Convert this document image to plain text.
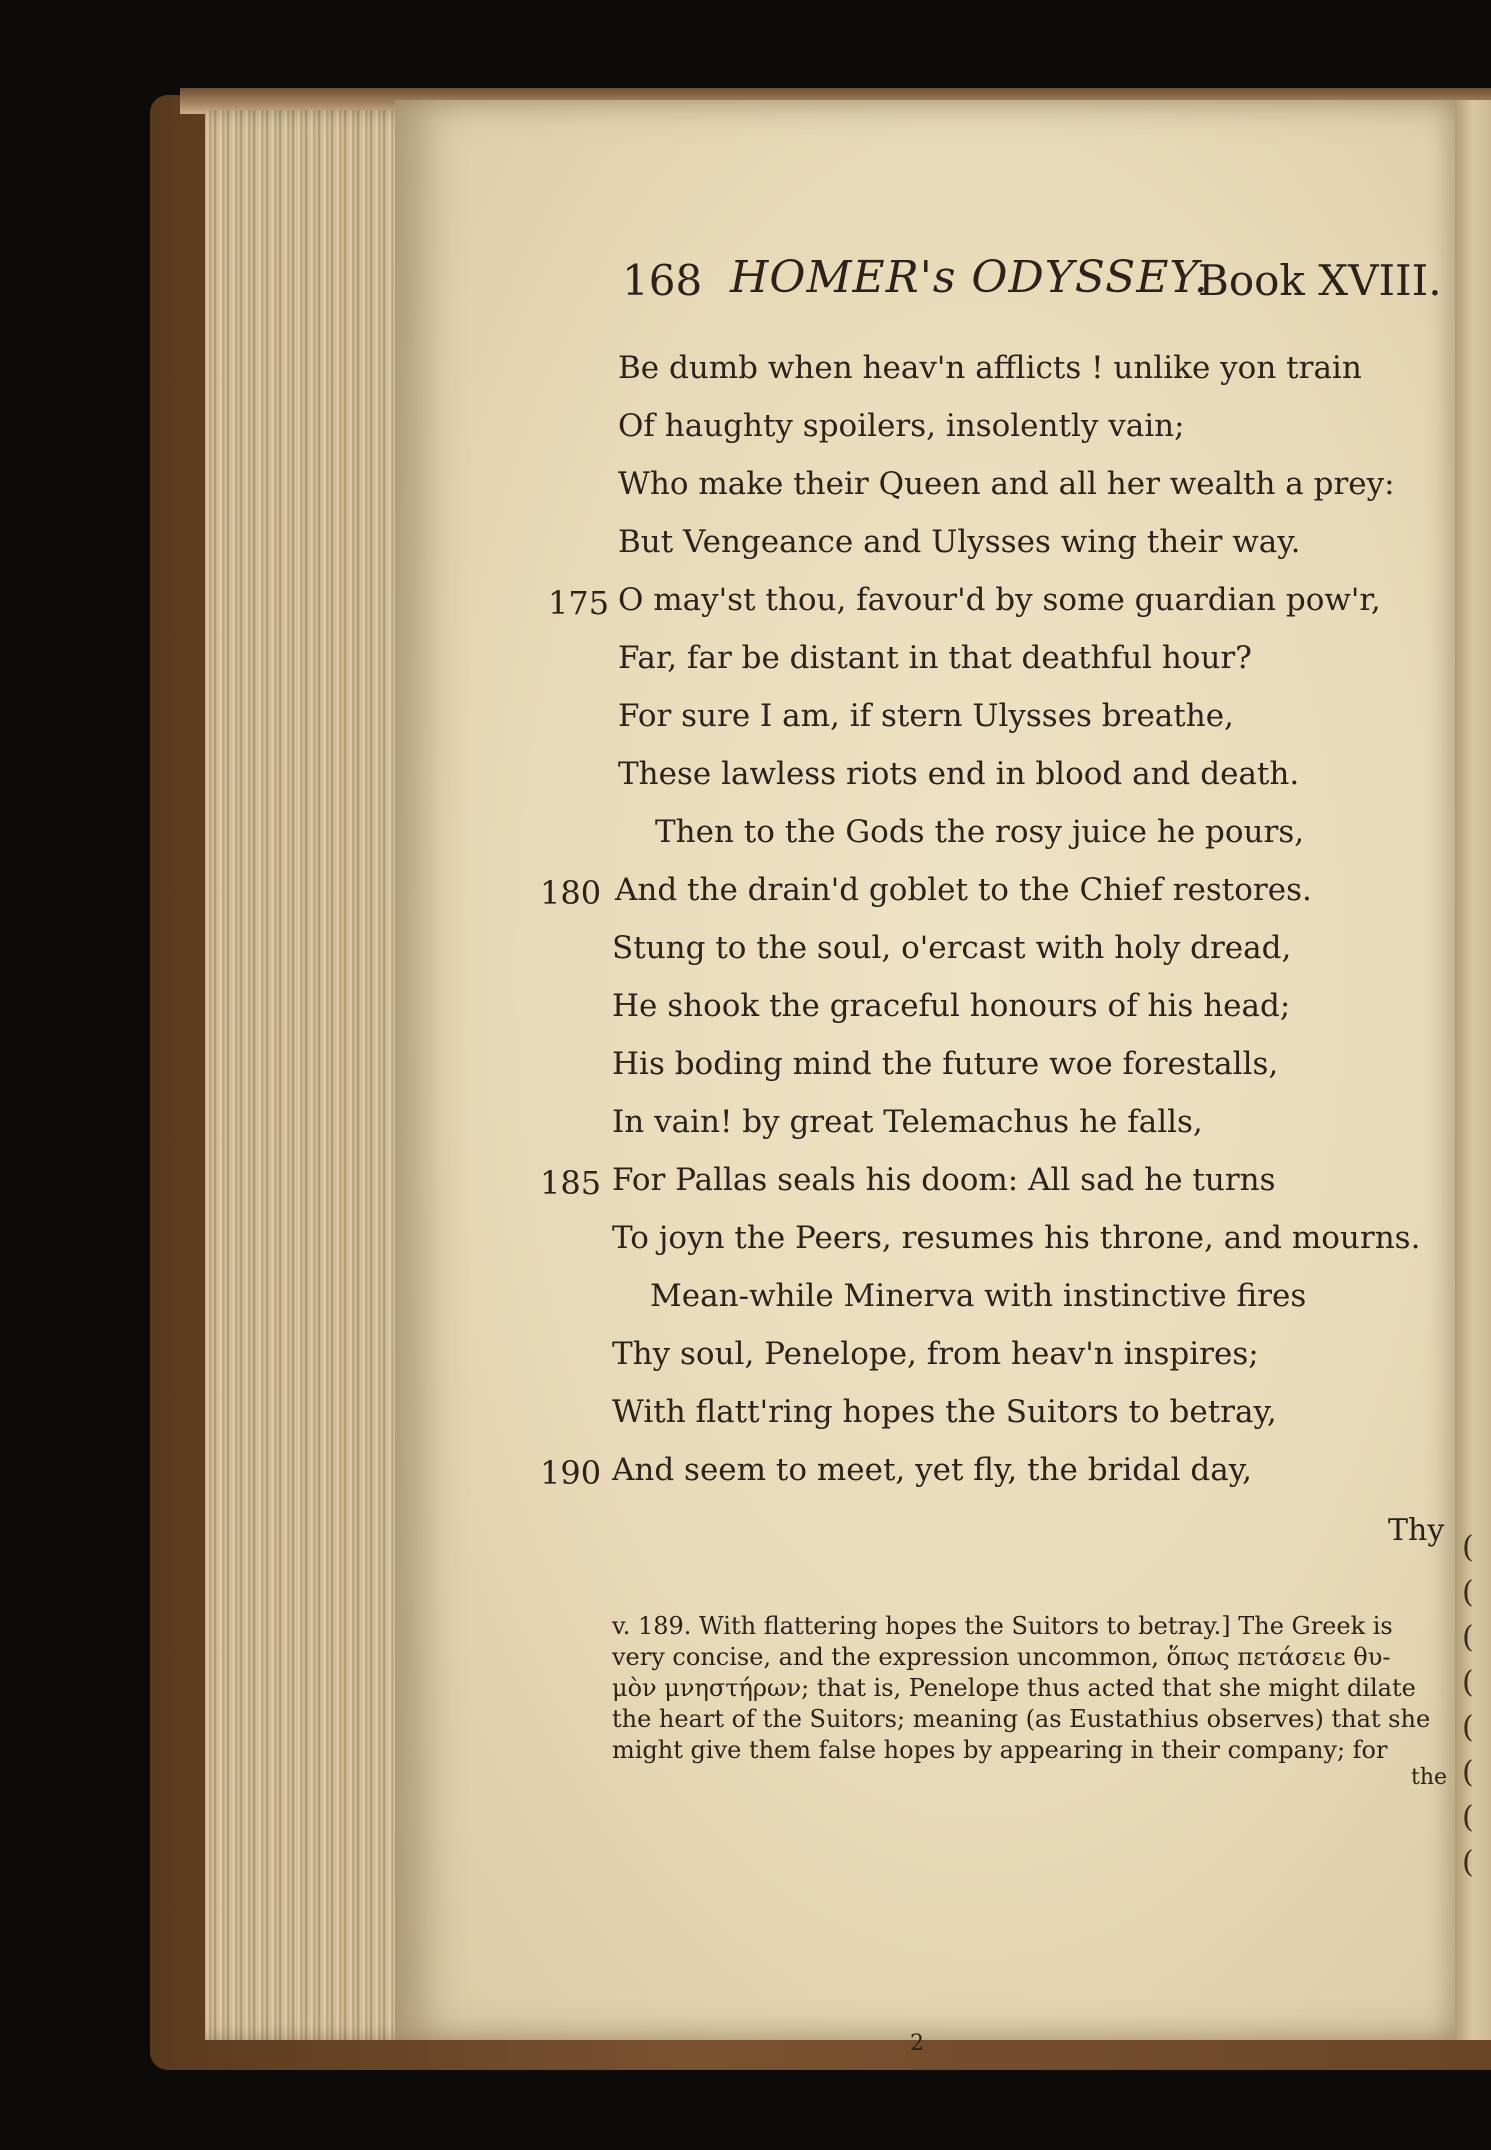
168 HOMER's ODYSSEY.
Book XVIII.
Be dumb when heav'n afflicts ! unlike yon train
Of haughty spoilers, insolently vain;
Who make their Queen and all her wealth a prey:
But Vengeance and Ulysses wing their way.
175 O may'st thou, favour'd by some guardian pow'r,
Far, far be distant in that deathful hour?
For sure I am, if stern Ulysses breathe,
These lawless riots end in blood and death.
Then to the Gods the rosy juice he pours,
180 And the drain'd goblet to the Chief restores.
Stung to the soul, o'ercast with holy dread,
He shook the graceful honours of his head;
His boding mind the future woe forestalls,
In vain! by great Telemachus he falls,
185 For Pallas seals his doom: All sad he turns
To joyn the Peers, resumes his throne, and mourns.
Mean-while Minerva with instinctive fires
Thy soul, Penelope, from heav'n inspires;
With flatt'ring hopes the Suitors to betray,
190 And seem to meet, yet fly, the bridal day,
Thy
v. 189. With flattering hopes the Suitors to betray.] The Greek is
very concise, and the expression uncommon, ὅπως πετάσειε θυ-
μὸν μνηστήρων; that is, Penelope thus acted that she might dilate
the heart of the Suitors; meaning (as Eustathius observes) that she
might give them false hopes by appearing in their company; for
the
2
(
(
(
(
(
(
(
(
